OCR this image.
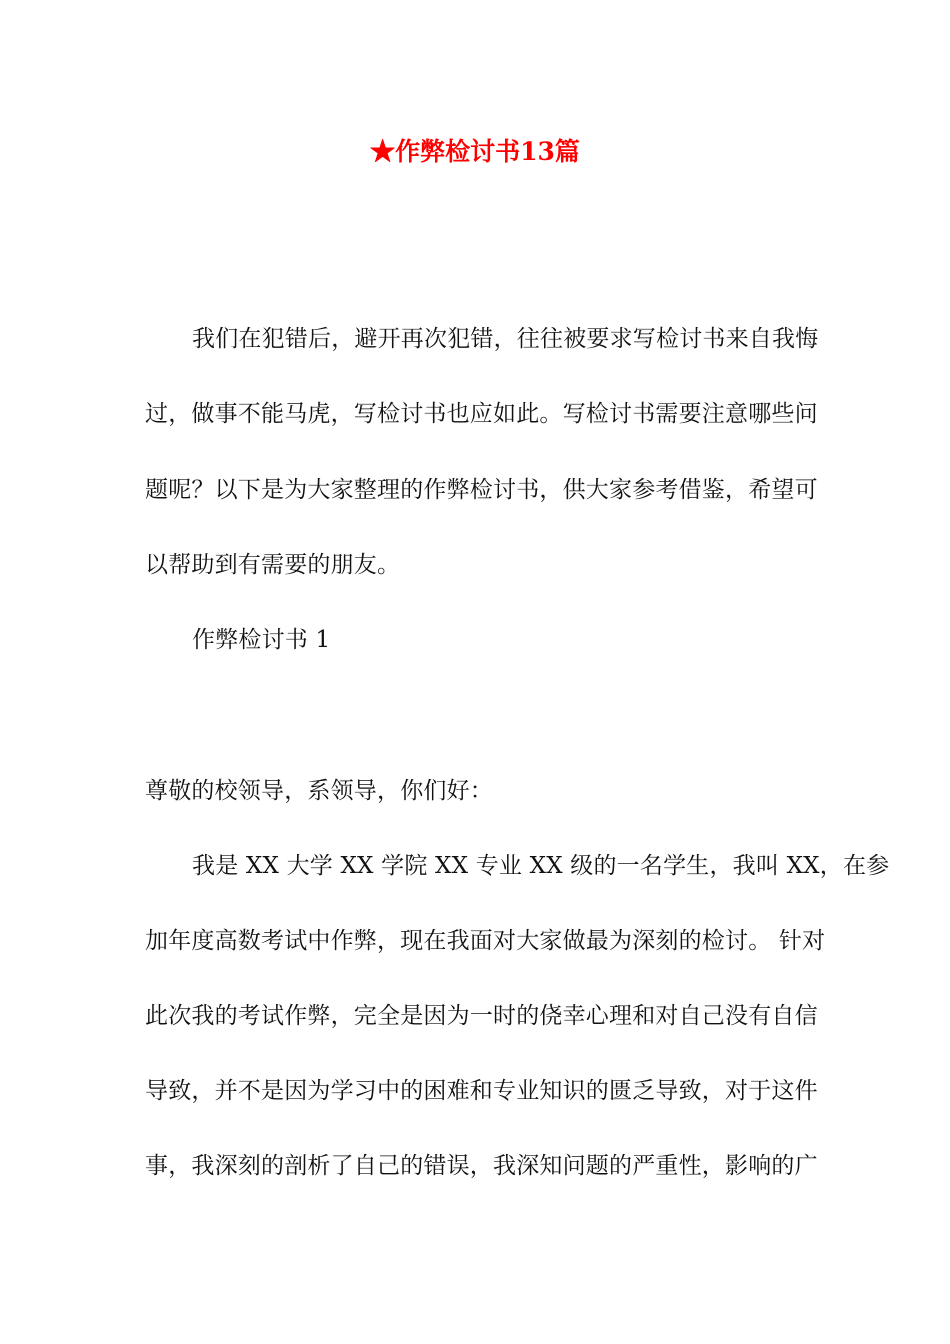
★作弊检讨书13篇

我们在犯错后，避开再次犯错，往往被要求写检讨书来自我悔

过，做事不能马虎，写检讨书也应如此。写检讨书需要注意哪些问

题呢？以下是为大家整理的作弊检讨书，供大家参考借鉴，希望可

以帮助到有需要的朋友。

作弊检讨书 1

尊敬的校领导，系领导，你们好：

我是 XX 大学 XX 学院 XX 专业 XX 级的一名学生，我叫 XX，在参

加年度高数考试中作弊，现在我面对大家做最为深刻的检讨。 针对

此次我的考试作弊，完全是因为一时的侥幸心理和对自己没有自信

导致，并不是因为学习中的困难和专业知识的匮乏导致，对于这件

事，我深刻的剖析了自己的错误，我深知问题的严重性，影响的广
